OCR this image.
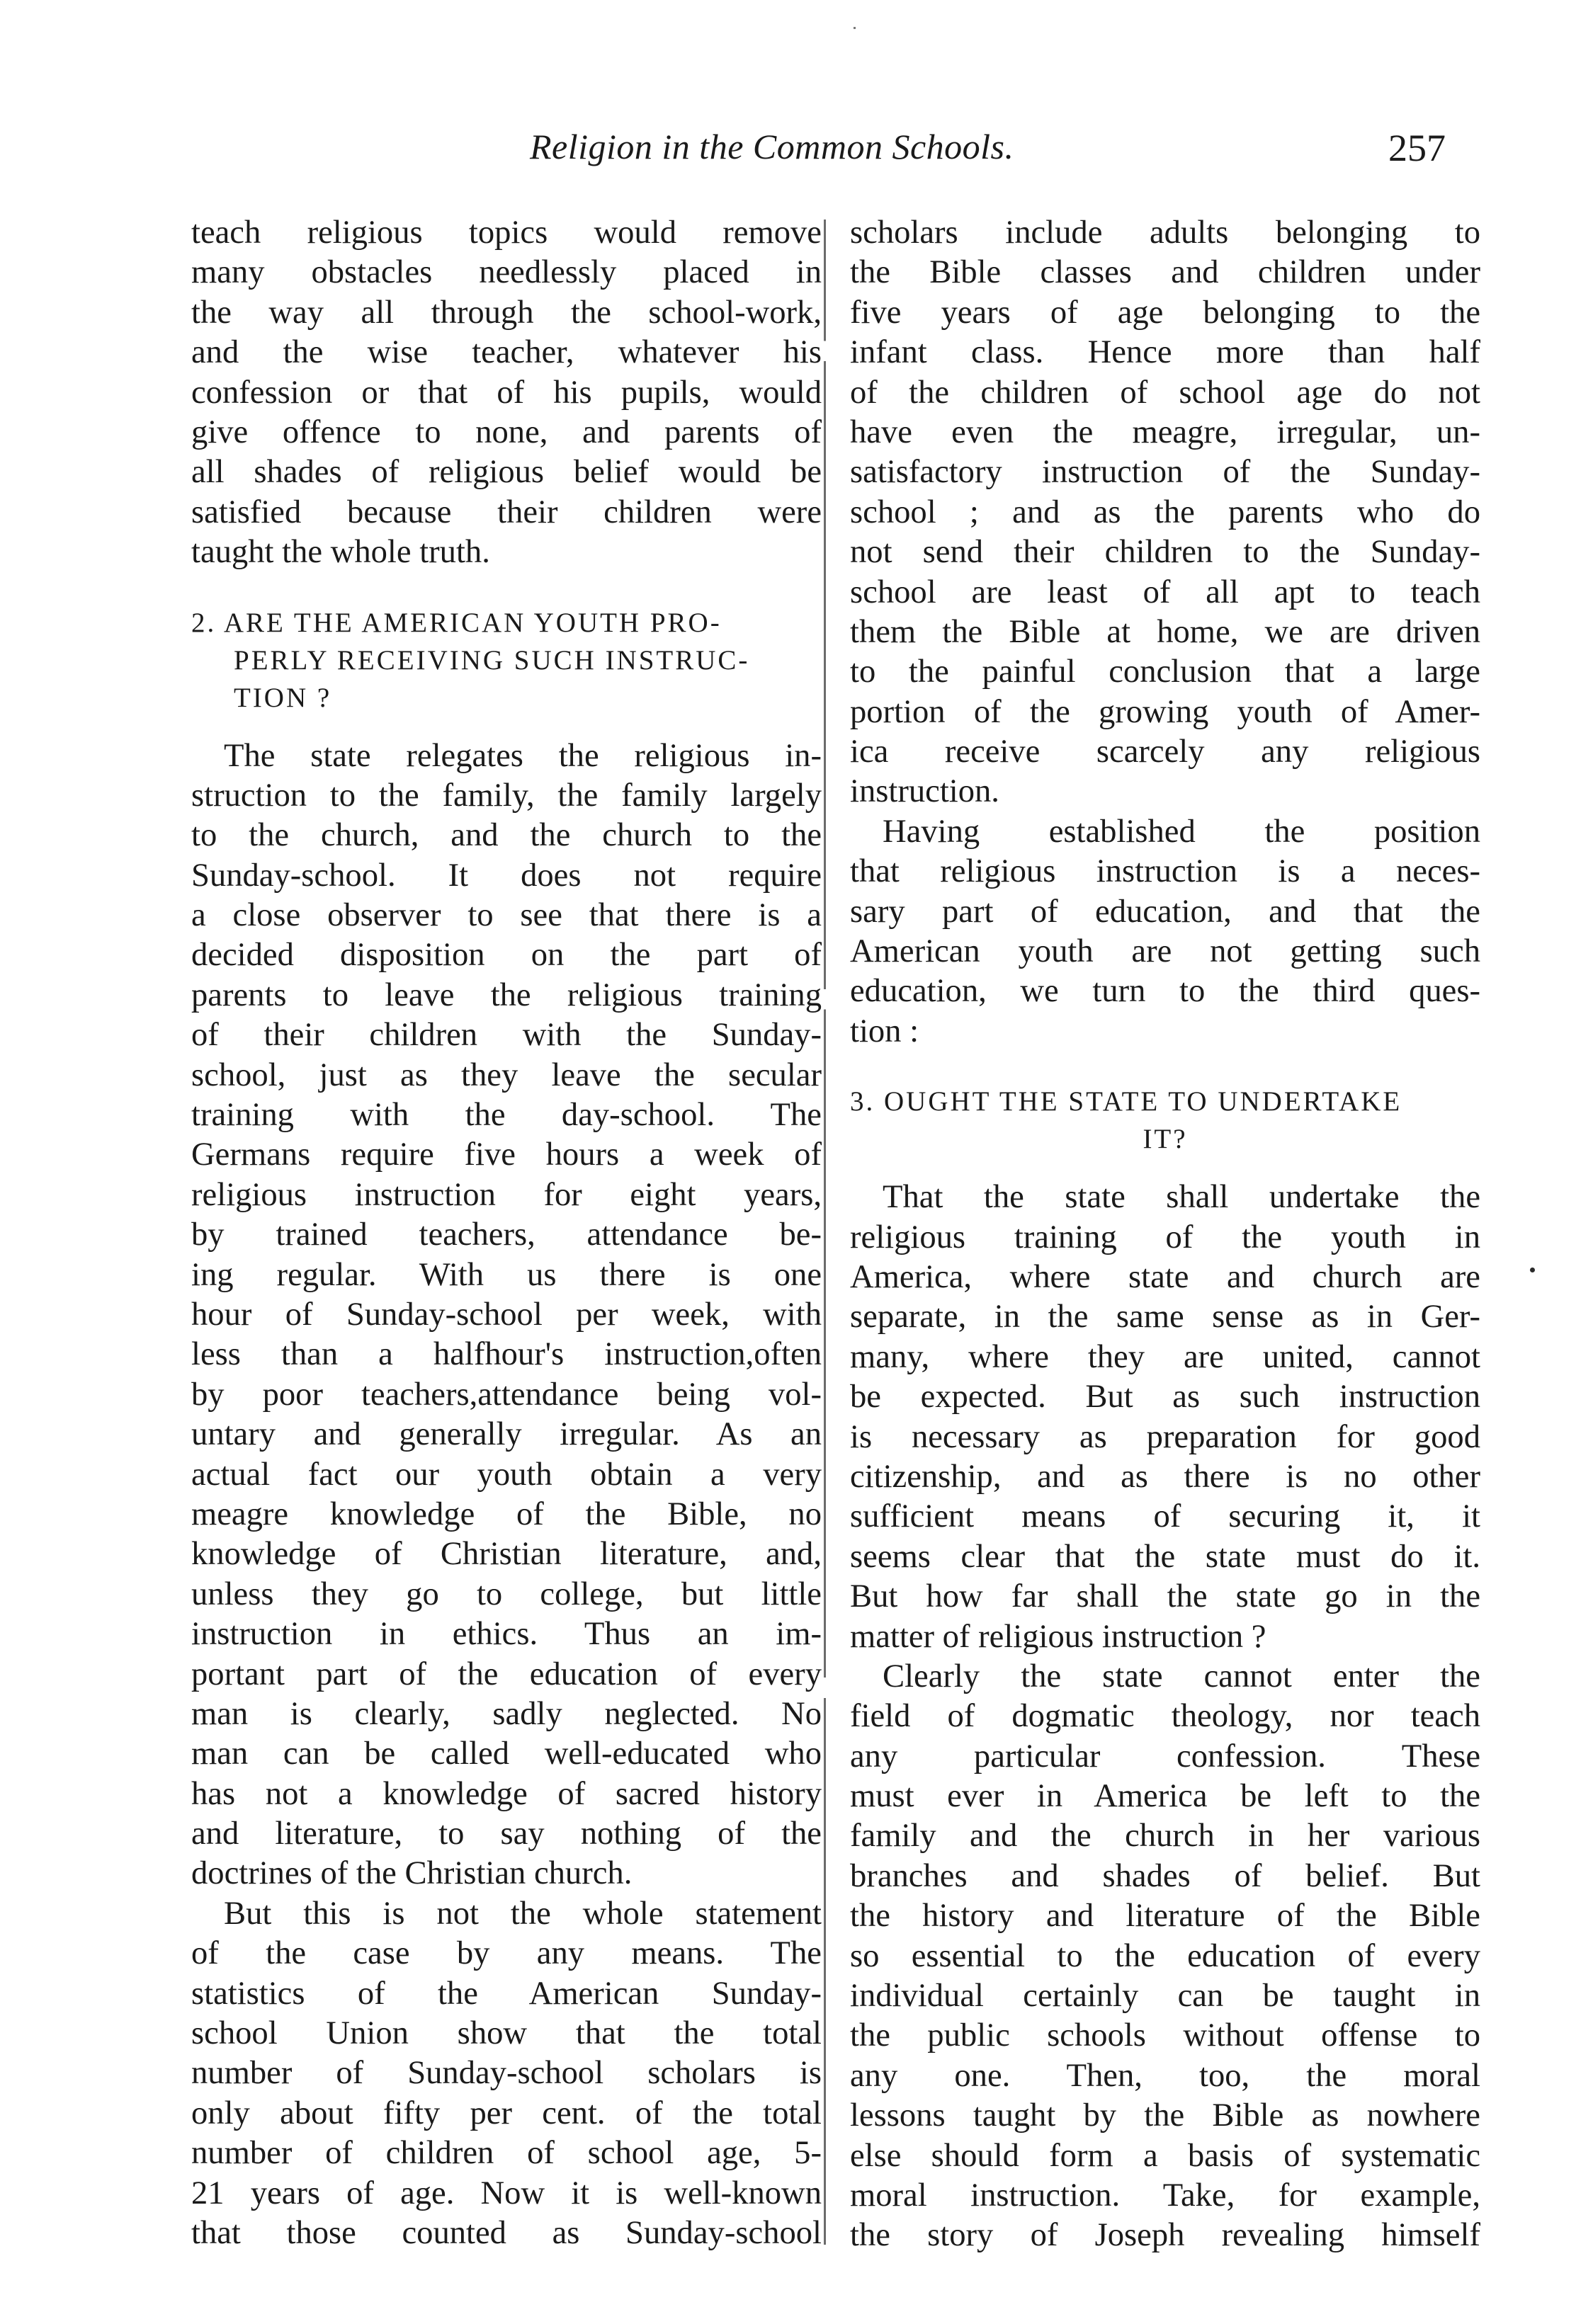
Religion in the Common Schools.	257
teach religious topics would remove
many obstacles needlessly placed in
the way all through the school-work,
and the wise teacher, whatever his
confession or that of his pupils, would
give offence to none, and parents of
all shades of religious belief would be
satisfied because their children were
taught the whole truth.
2. ARE THE AMERICAN YOUTH PRO-
PERLY RECEIVING SUCH INSTRUC-
TION ?
The state relegates the religious in-
struction to the family, the family largely
to the church, and the church to the
Sunday-school. It does not require
a close observer to see that there is a
decided disposition on the part of
parents to leave the religious training
of their children with the Sunday-
school, just as they leave the secular
training with the day-school. The
Germans require five hours a week of
religious instruction for eight years,
by trained teachers, attendance be-
ing regular. With us there is one
hour of Sunday-school per week, with
less than a halfhour's instruction,often
by poor teachers,attendance being vol-
untary and generally irregular. As an
actual fact our youth obtain a very
meagre knowledge of the Bible, no
knowledge of Christian literature, and,
unless they go to college, but little
instruction in ethics. Thus an im-
portant part of the education of every
man is clearly, sadly neglected. No
man can be called well-educated who
has not a knowledge of sacred history
and literature, to say nothing of the
doctrines of the Christian church.
But this is not the whole statement
of the case by any means. The
statistics of the American Sunday-
school Union show that the total
number of Sunday-school scholars is
only about fifty per cent. of the total
number of children of school age, 5-
21 years of age. Now it is well-known
that those counted as Sunday-school
scholars include adults belonging to
the Bible classes and children under
five years of age belonging to the
infant class. Hence more than half
of the children of school age do not
have even the meagre, irregular, un-
satisfactory instruction of the Sunday-
school ; and as the parents who do
not send their children to the Sunday-
school are least of all apt to teach
them the Bible at home, we are driven
to the painful conclusion that a large
portion of the growing youth of Amer-
ica receive scarcely any religious
instruction.
Having established the position
that religious instruction is a neces-
sary part of education, and that the
American youth are not getting such
education, we turn to the third ques-
tion :
3. OUGHT THE STATE TO UNDERTAKE
IT?
That the state shall undertake the
religious training of the youth in
America, where state and church are
separate, in the same sense as in Ger-
many, where they are united, cannot
be expected. But as such instruction
is necessary as preparation for good
citizenship, and as there is no other
sufficient means of securing it, it
seems clear that the state must do it.
But how far shall the state go in the
matter of religious instruction ?
Clearly the state cannot enter the
field of dogmatic theology, nor teach
any particular confession. These
must ever in America be left to the
family and the church in her various
branches and shades of belief. But
the history and literature of the Bible
so essential to the education of every
individual certainly can be taught in
the public schools without offense to
any one. Then, too, the moral
lessons taught by the Bible as nowhere
else should form a basis of systematic
moral instruction. Take, for example,
the story of Joseph revealing himself
